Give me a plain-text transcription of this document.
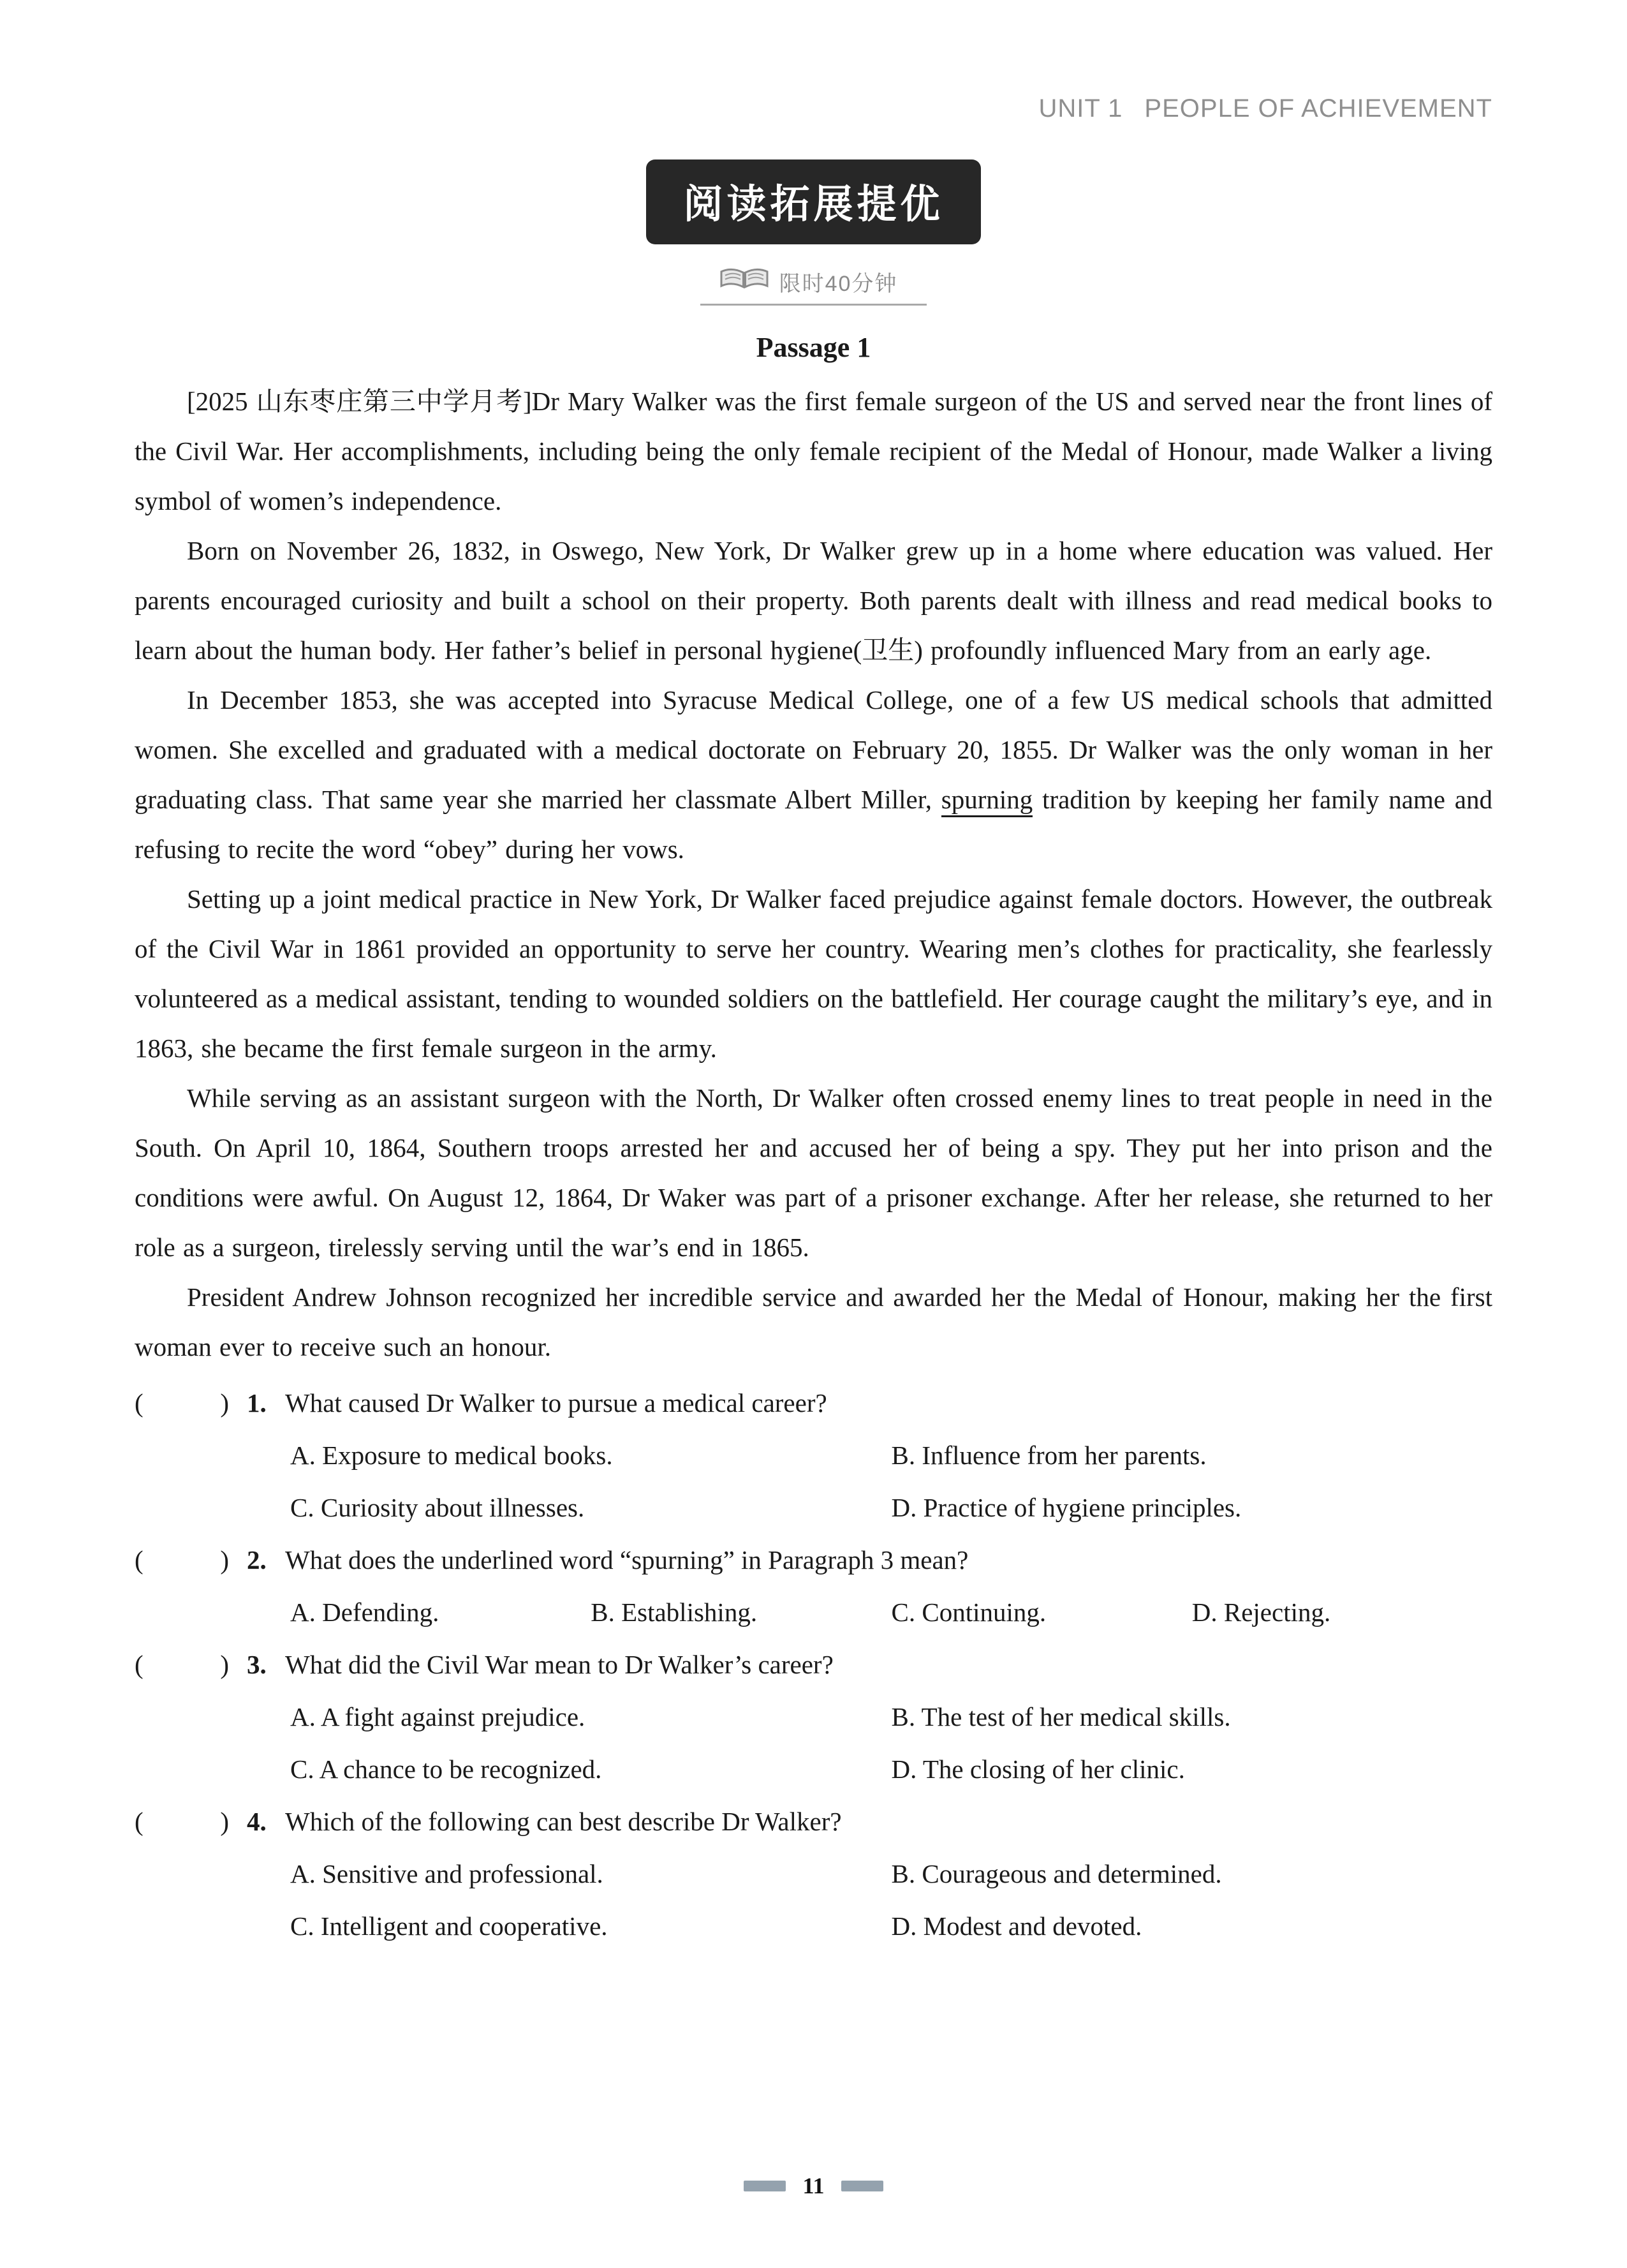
UNIT 1 PEOPLE OF ACHIEVEMENT
阅读拓展提优
限时40分钟
Passage 1

[2025 山东枣庄第三中学月考]Dr Mary Walker was the first female surgeon of the US and served near the front lines of the Civil War. Her accomplishments, including being the only female recipient of the Medal of Honour, made Walker a living symbol of women’s independence.

Born on November 26, 1832, in Oswego, New York, Dr Walker grew up in a home where education was valued. Her parents encouraged curiosity and built a school on their property. Both parents dealt with illness and read medical books to learn about the human body. Her father’s belief in personal hygiene(卫生) profoundly influenced Mary from an early age.

In December 1853, she was accepted into Syracuse Medical College, one of a few US medical schools that admitted women. She excelled and graduated with a medical doctorate on February 20, 1855. Dr Walker was the only woman in her graduating class. That same year she married her classmate Albert Miller, spurning tradition by keeping her family name and refusing to recite the word “obey” during her vows.

Setting up a joint medical practice in New York, Dr Walker faced prejudice against female doctors. However, the outbreak of the Civil War in 1861 provided an opportunity to serve her country. Wearing men’s clothes for practicality, she fearlessly volunteered as a medical assistant, tending to wounded soldiers on the battlefield. Her courage caught the military’s eye, and in 1863, she became the first female surgeon in the army.

While serving as an assistant surgeon with the North, Dr Walker often crossed enemy lines to treat people in need in the South. On April 10, 1864, Southern troops arrested her and accused her of being a spy. They put her into prison and the conditions were awful. On August 12, 1864, Dr Waker was part of a prisoner exchange. After her release, she returned to her role as a surgeon, tirelessly serving until the war’s end in 1865.

President Andrew Johnson recognized her incredible service and awarded her the Medal of Honour, making her the first woman ever to receive such an honour.

(	) 1. What caused Dr Walker to pursue a medical career?
A. Exposure to medical books.	B. Influence from her parents.
C. Curiosity about illnesses.	D. Practice of hygiene principles.
(	) 2. What does the underlined word “spurning” in Paragraph 3 mean?
A. Defending.	B. Establishing.	C. Continuing.	D. Rejecting.
(	) 3. What did the Civil War mean to Dr Walker’s career?
A. A fight against prejudice.	B. The test of her medical skills.
C. A chance to be recognized.	D. The closing of her clinic.
(	) 4. Which of the following can best describe Dr Walker?
A. Sensitive and professional.	B. Courageous and determined.
C. Intelligent and cooperative.	D. Modest and devoted.
11
